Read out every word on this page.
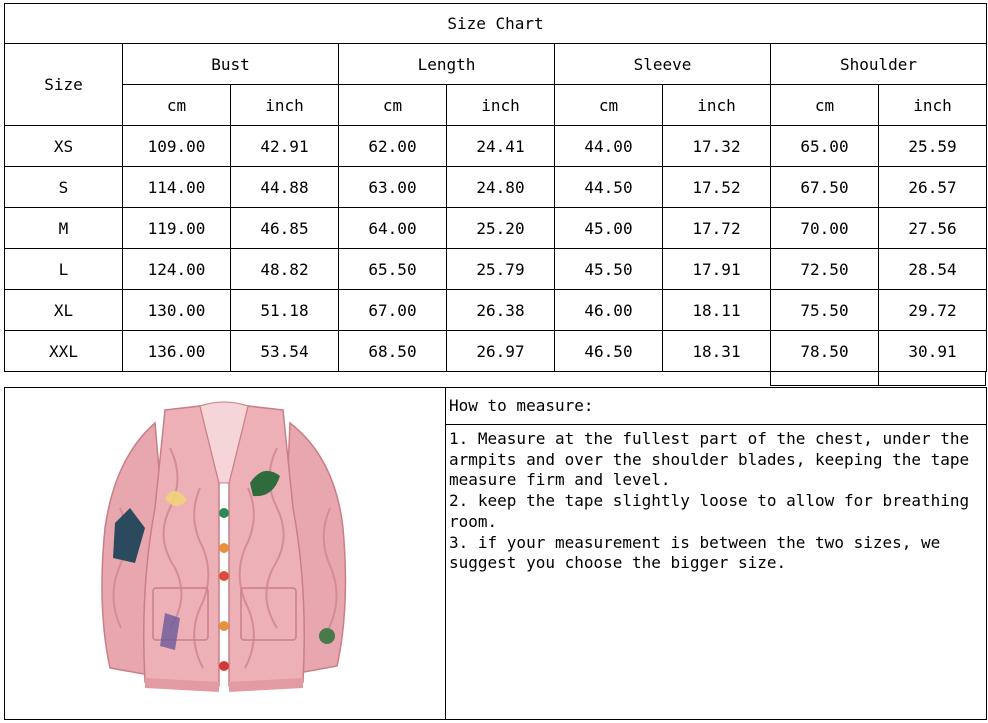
Size Chart								
Size	Bust		Length		Sleeve		Shoulder	
	cm	inch	cm	inch	cm	inch	cm	inch
XS	109.00	42.91	62.00	24.41	44.00	17.32	65.00	25.59
S	114.00	44.88	63.00	24.80	44.50	17.52	67.50	26.57
M	119.00	46.85	64.00	25.20	45.00	17.72	70.00	27.56
L	124.00	48.82	65.50	25.79	45.50	17.91	72.50	28.54
XL	130.00	51.18	67.00	26.38	46.00	18.11	75.50	29.72
XXL	136.00	53.54	68.50	26.97	46.50	18.31	78.50	30.91
How to measure:

1. Measure at the fullest part of the chest, under the armpits and over the shoulder blades, keeping the tape measure firm and level.

2. keep the tape slightly loose to allow for breathing room.

3. if your measurement is between the two sizes, we suggest you choose the bigger size.
